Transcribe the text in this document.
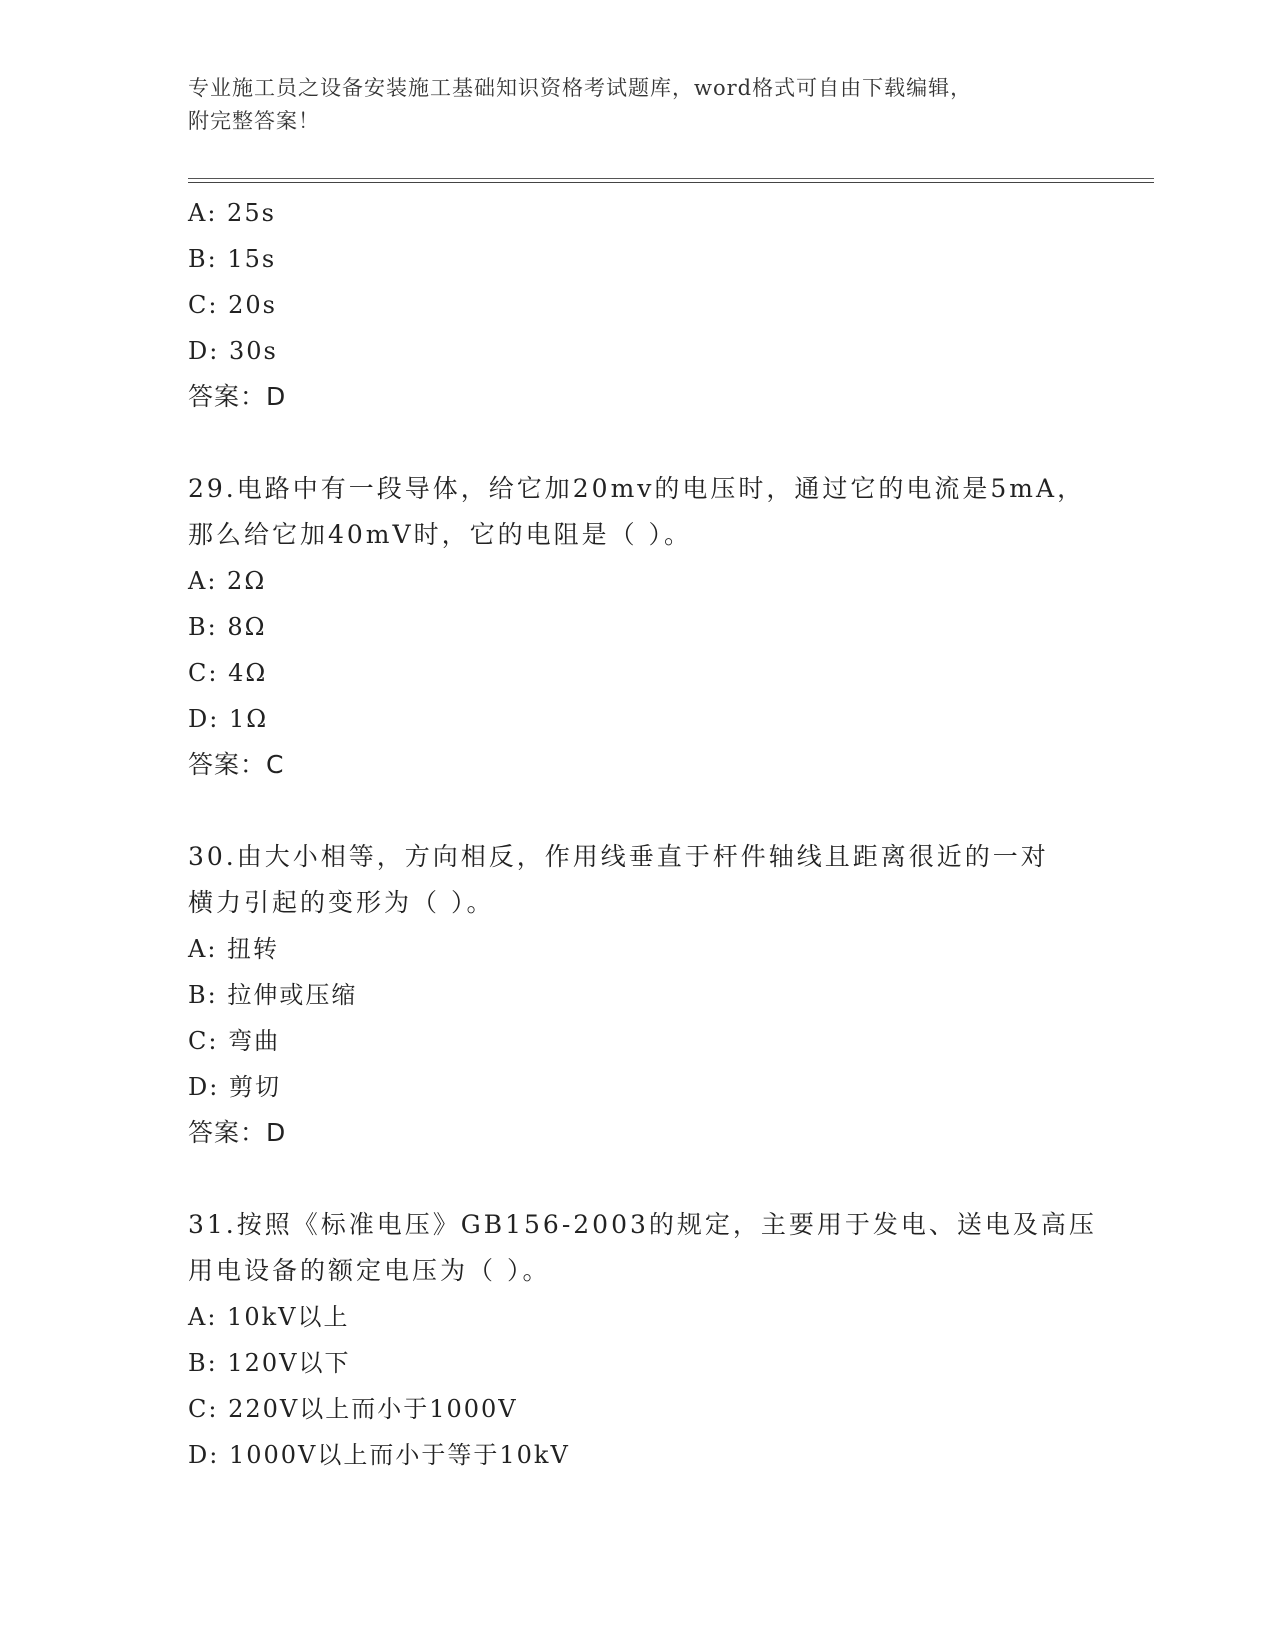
专业施工员之设备安装施工基础知识资格考试题库，word格式可自由下载编辑，
附完整答案！
A: 25s
B: 15s
C: 20s
D: 30s
答案：D
29.电路中有一段导体，给它加20mv的电压时，通过它的电流是5mA，
那么给它加40mV时，它的电阻是（ ）。
A: 2Ω
B: 8Ω
C: 4Ω
D: 1Ω
答案：C
30.由大小相等，方向相反，作用线垂直于杆件轴线且距离很近的一对
横力引起的变形为（ ）。
A: 扭转
B: 拉伸或压缩
C: 弯曲
D: 剪切
答案：D
31.按照《标准电压》GB156-2003的规定，主要用于发电、送电及高压
用电设备的额定电压为（ ）。
A: 10kV以上
B: 120V以下
C: 220V以上而小于1000V
D: 1000V以上而小于等于10kV
